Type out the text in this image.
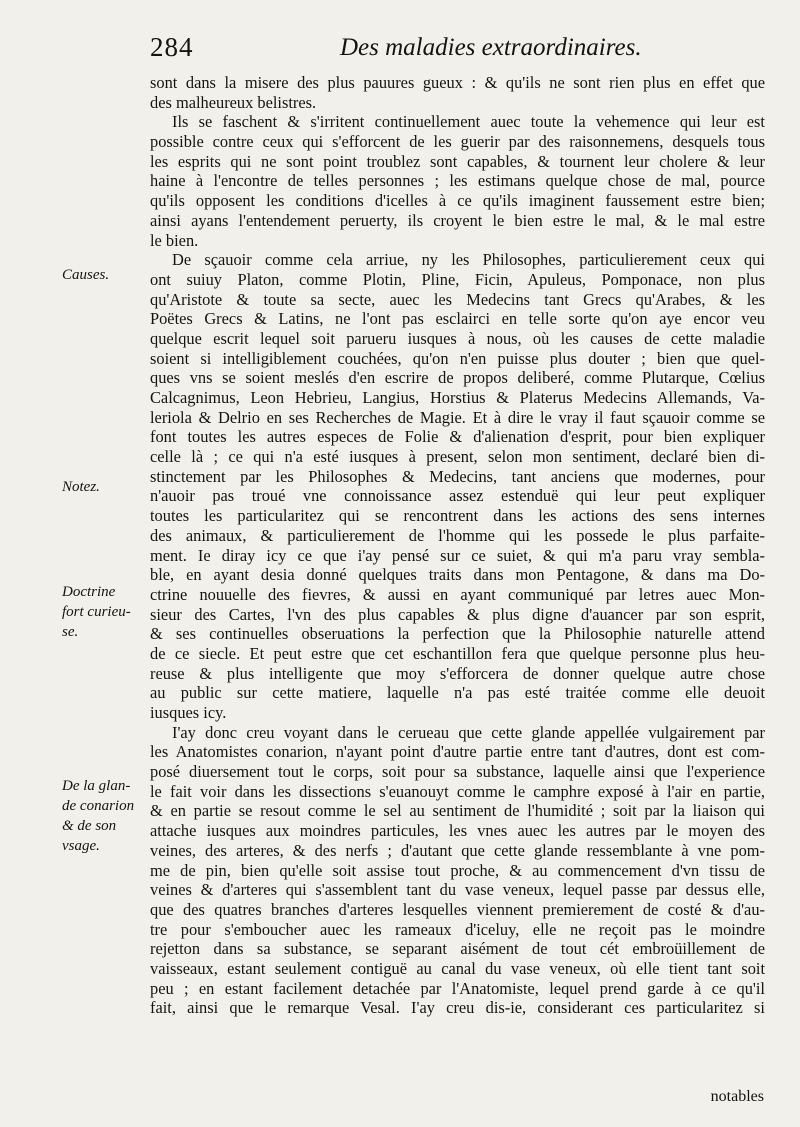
284	Des maladies extraordinaires.
sont dans la misere des plus pauures gueux : & qu'ils ne sont rien plus en effet que
des malheureux belistres.
Ils se faschent & s'irritent continuellement auec toute la vehemence qui leur est
possible contre ceux qui s'efforcent de les guerir par des raisonnemens, desquels tous
les esprits qui ne sont point troublez sont capables, & tournent leur cholere & leur
haine à l'encontre de telles personnes ; les estimans quelque chose de mal, pource
qu'ils opposent les conditions d'icelles à ce qu'ils imaginent faussement estre bien;
ainsi ayans l'entendement peruerty, ils croyent le bien estre le mal, & le mal estre
le bien.
De sçauoir comme cela arriue, ny les Philosophes, particulierement ceux qui
ont suiuy Platon, comme Plotin, Pline, Ficin, Apuleus, Pomponace, non plus
qu'Aristote & toute sa secte, auec les Medecins tant Grecs qu'Arabes, & les
Poëtes Grecs & Latins, ne l'ont pas esclairci en telle sorte qu'on aye encor veu
quelque escrit lequel soit parueru iusques à nous, où les causes de cette maladie
soient si intelligiblement couchées, qu'on n'en puisse plus douter ; bien que quel-
ques vns se soient meslés d'en escrire de propos deliberé, comme Plutarque, Cœlius
Calcagnimus, Leon Hebrieu, Langius, Horstius & Platerus Medecins Allemands, Va-
leriola & Delrio en ses Recherches de Magie. Et à dire le vray il faut sçauoir comme se
font toutes les autres especes de Folie & d'alienation d'esprit, pour bien expliquer
celle là ; ce qui n'a esté iusques à present, selon mon sentiment, declaré bien di-
stinctement par les Philosophes & Medecins, tant anciens que modernes, pour
n'auoir pas troué vne connoissance assez estenduë qui leur peut expliquer
toutes les particularitez qui se rencontrent dans les actions des sens internes
des animaux, & particulierement de l'homme qui les possede le plus parfaite-
ment. Ie diray icy ce que i'ay pensé sur ce suiet, & qui m'a paru vray sembla-
ble, en ayant desia donné quelques traits dans mon Pentagone, & dans ma Do-
ctrine nouuelle des fievres, & aussi en ayant communiqué par letres auec Mon-
sieur des Cartes, l'vn des plus capables & plus digne d'auancer par son esprit,
& ses continuelles obseruations la perfection que la Philosophie naturelle attend
de ce siecle. Et peut estre que cet eschantillon fera que quelque personne plus heu-
reuse & plus intelligente que moy s'efforcera de donner quelque autre chose
au public sur cette matiere, laquelle n'a pas esté traitée comme elle deuoit
iusques icy.
I'ay donc creu voyant dans le cerueau que cette glande appellée vulgairement par
les Anatomistes conarion, n'ayant point d'autre partie entre tant d'autres, dont est com-
posé diuersement tout le corps, soit pour sa substance, laquelle ainsi que l'experience
le fait voir dans les dissections s'euanouyt comme le camphre exposé à l'air en partie,
& en partie se resout comme le sel au sentiment de l'humidité ; soit par la liaison qui
attache iusques aux moindres particules, les vnes auec les autres par le moyen des
veines, des arteres, & des nerfs ; d'autant que cette glande ressemblante à vne pom-
me de pin, bien qu'elle soit assise tout proche, & au commencement d'vn tissu de
veines & d'arteres qui s'assemblent tant du vase veneux, lequel passe par dessus elle,
que des quatres branches d'arteres lesquelles viennent premierement de costé & d'au-
tre pour s'emboucher auec les rameaux d'iceluy, elle ne reçoit pas le moindre
rejetton dans sa substance, se separant aisément de tout cét embroüillement de
vaisseaux, estant seulement contiguë au canal du vase veneux, où elle tient tant soit
peu ; en estant facilement detachée par l'Anatomiste, lequel prend garde à ce qu'il
fait, ainsi que le remarque Vesal. I'ay creu dis-ie, considerant ces particularitez si
Causes.
Notez.
Doctrine
fort curieu-
se.
De la glan-
de conarion
& de son
vsage.
notables
